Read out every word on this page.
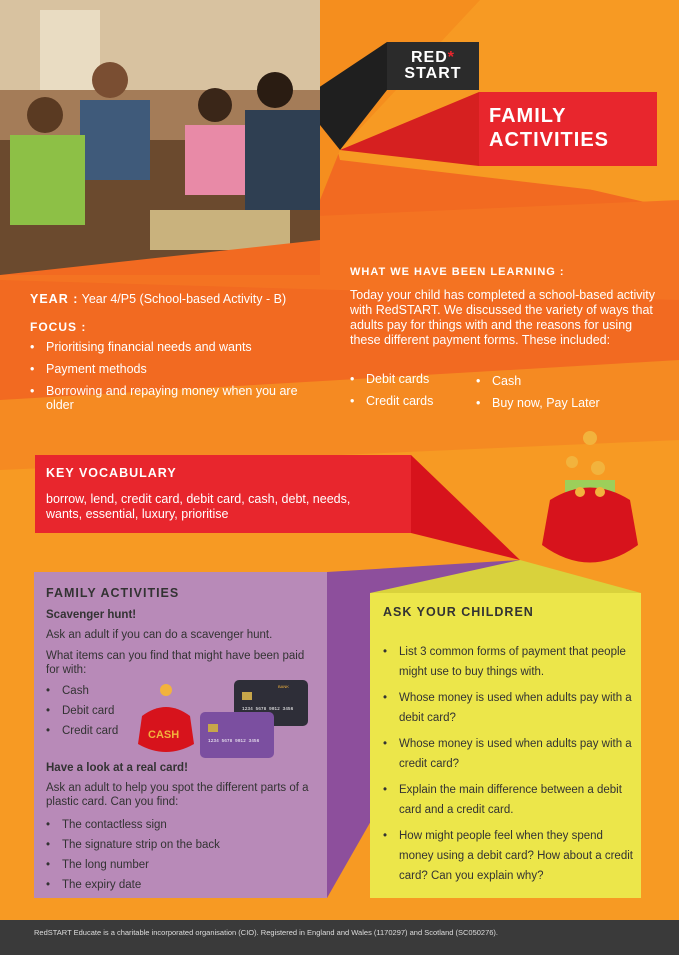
RED*
START
FAMILY
ACTIVITIES
WHAT WE HAVE BEEN LEARNING :
Today your child has completed a school-based activity with RedSTART. We discussed the variety of ways that adults pay for things with and the reasons for using these different payment forms. These included:
• Debit cards
• Credit cards
• Cash
• Buy now, Pay Later
YEAR : Year 4/P5 (School-based Activity - B)
FOCUS :
• Prioritising financial needs and wants
• Payment methods
• Borrowing and repaying money when you are older
KEY VOCABULARY
borrow, lend, credit card, debit card, cash, debt, needs, wants, essential, luxury, prioritise
FAMILY ACTIVITIES
Scavenger hunt!
Ask an adult if you can do a scavenger hunt.
What items can you find that might have been paid for with:
• Cash
• Debit card
• Credit card	CASH
BANK
1234 5678 9012 3456
1234 5678 9012 3456
Have a look at a real card!
Ask an adult to help you spot the different parts of a plastic card. Can you find:
• The contactless sign
• The signature strip on the back
• The long number
• The expiry date
ASK YOUR CHILDREN
• List 3 common forms of payment that people might use to buy things with.
• Whose money is used when adults pay with a debit card?
• Whose money is used when adults pay with a credit card?
• Explain the main difference between a debit card and a credit card.
• How might people feel when they spend money using a debit card? How about a credit card? Can you explain why?
RedSTART Educate is a charitable incorporated organisation (CIO). Registered in England and Wales (1170297) and Scotland (SC050276).
